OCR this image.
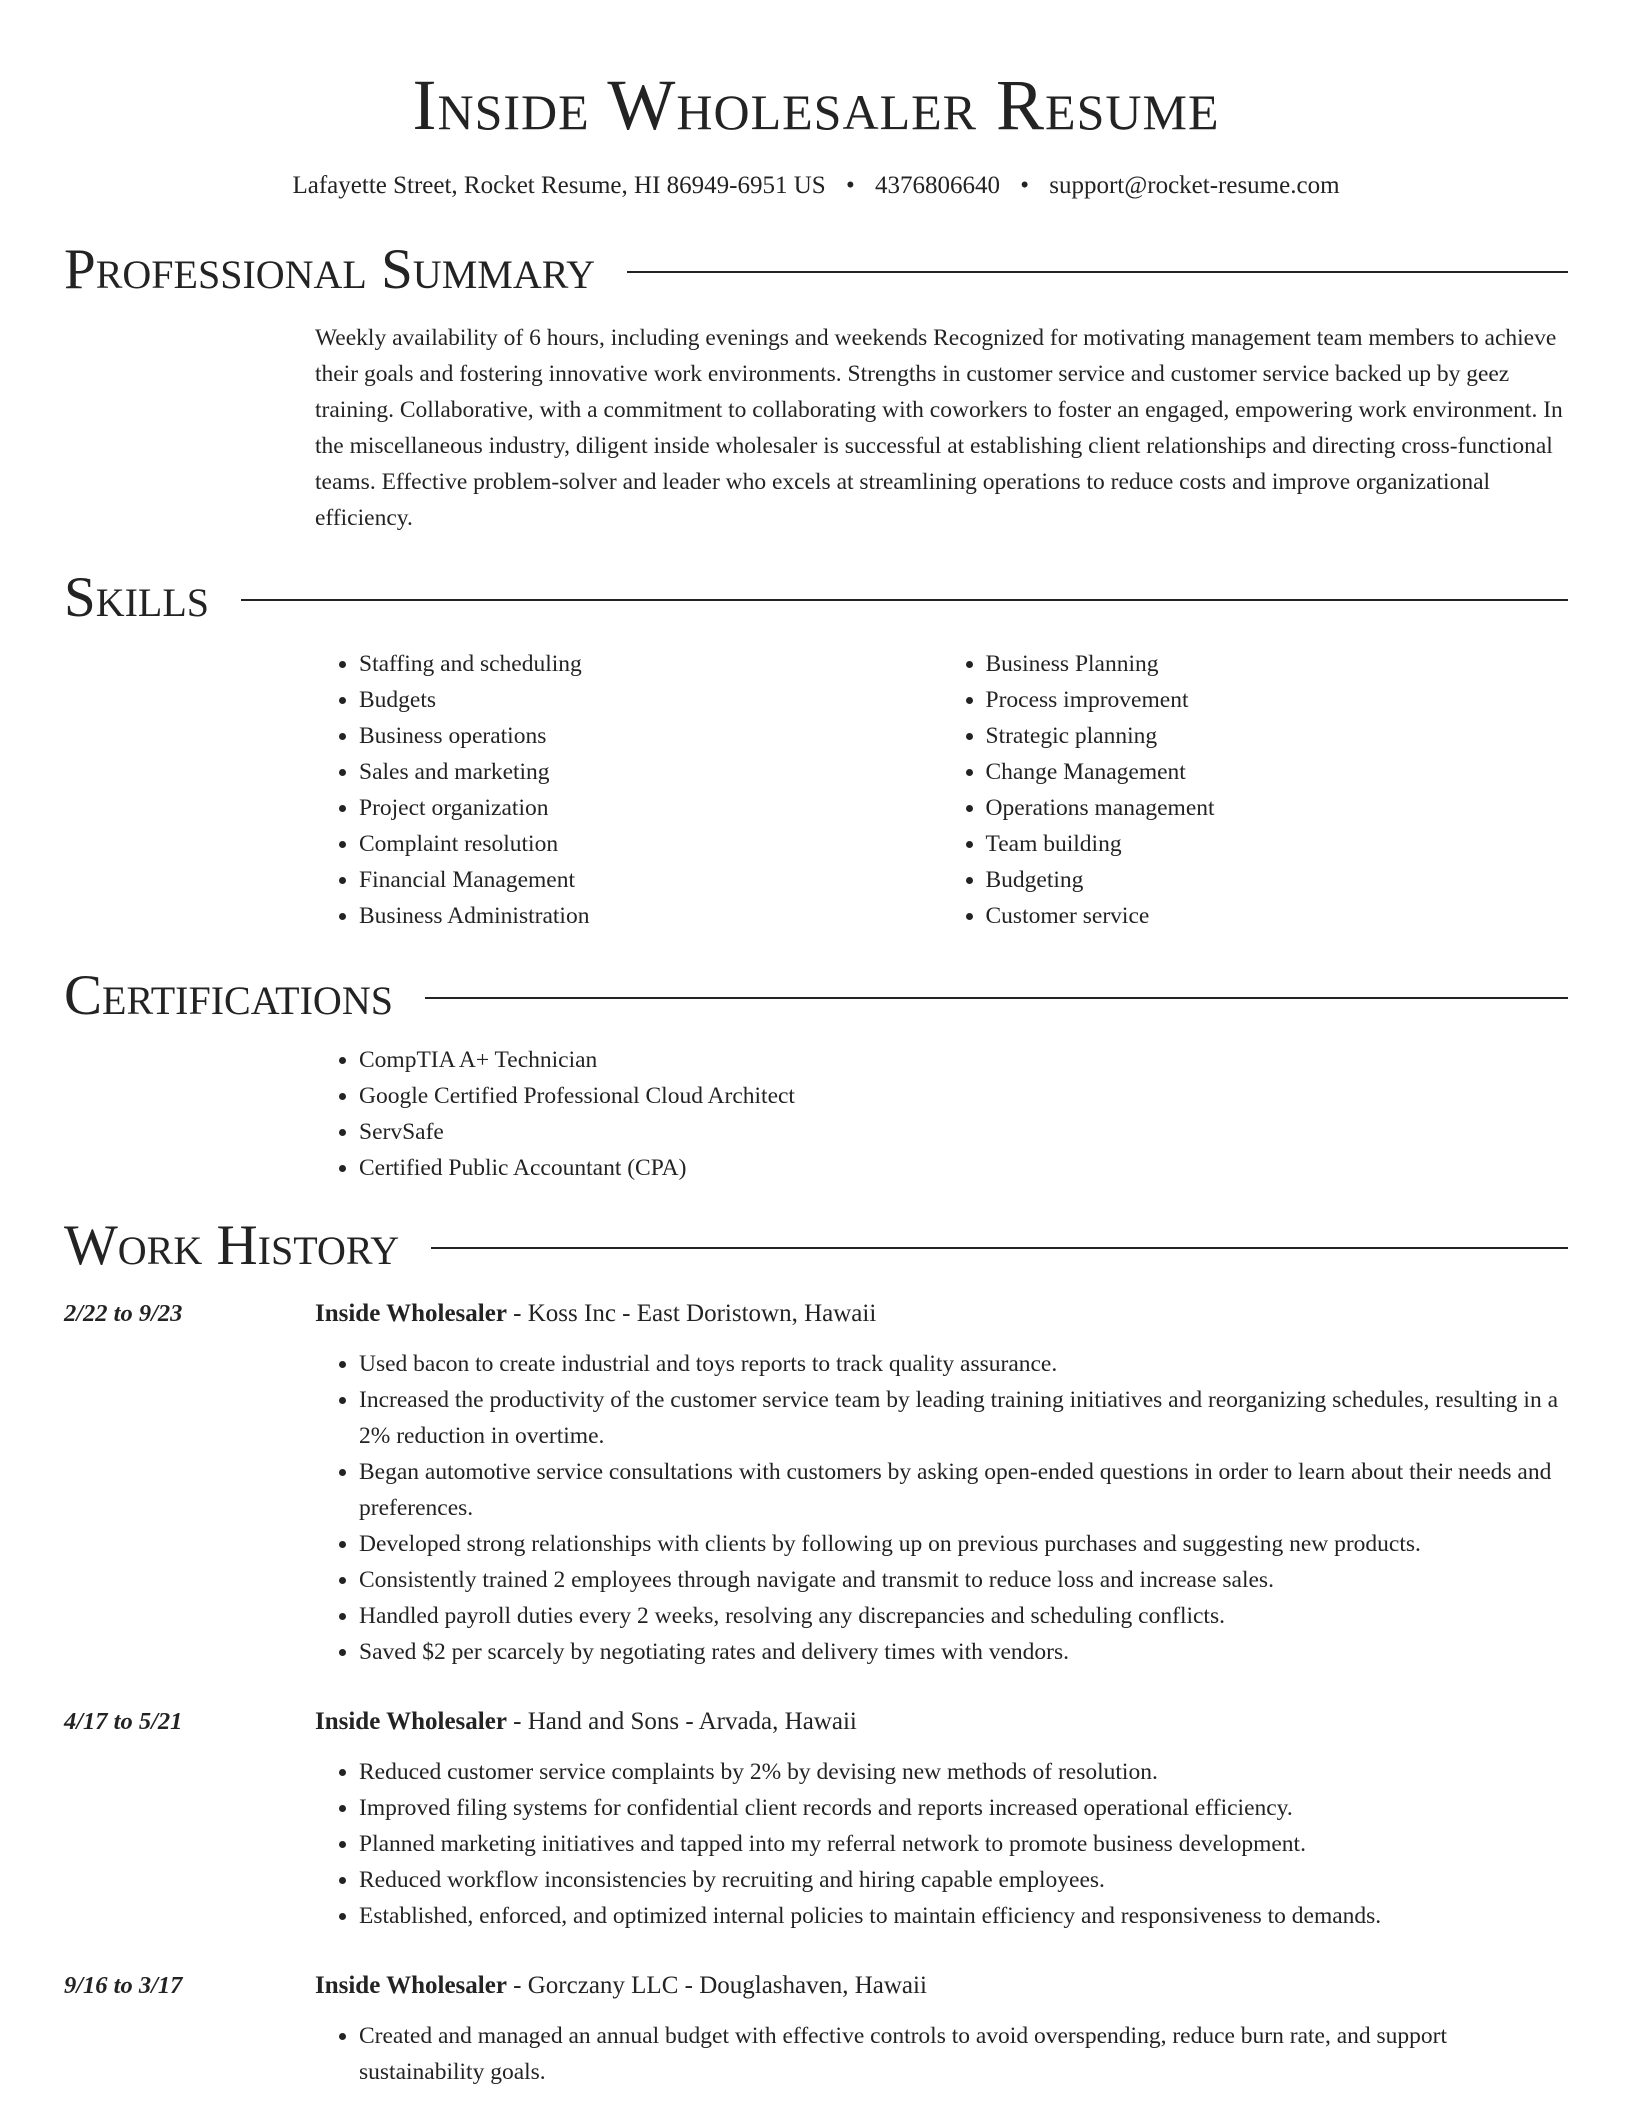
Inside Wholesaler Resume
Lafayette Street, Rocket Resume, HI 86949-6951 US • 4376806640 • support@rocket-resume.com
Professional Summary
Weekly availability of 6 hours, including evenings and weekends Recognized for motivating management team members to achieve their goals and fostering innovative work environments. Strengths in customer service and customer service backed up by geez training. Collaborative, with a commitment to collaborating with coworkers to foster an engaged, empowering work environment. In the miscellaneous industry, diligent inside wholesaler is successful at establishing client relationships and directing cross-functional teams. Effective problem-solver and leader who excels at streamlining operations to reduce costs and improve organizational efficiency.
Skills
• Staffing and scheduling
• Budgets
• Business operations
• Sales and marketing
• Project organization
• Complaint resolution
• Financial Management
• Business Administration
• Business Planning
• Process improvement
• Strategic planning
• Change Management
• Operations management
• Team building
• Budgeting
• Customer service
Certifications
• CompTIA A+ Technician
• Google Certified Professional Cloud Architect
• ServSafe
• Certified Public Accountant (CPA)
Work History
2/22 to 9/23	Inside Wholesaler - Koss Inc - East Doristown, Hawaii
• Used bacon to create industrial and toys reports to track quality assurance.
• Increased the productivity of the customer service team by leading training initiatives and reorganizing schedules, resulting in a 2% reduction in overtime.
• Began automotive service consultations with customers by asking open-ended questions in order to learn about their needs and preferences.
• Developed strong relationships with clients by following up on previous purchases and suggesting new products.
• Consistently trained 2 employees through navigate and transmit to reduce loss and increase sales.
• Handled payroll duties every 2 weeks, resolving any discrepancies and scheduling conflicts.
• Saved $2 per scarcely by negotiating rates and delivery times with vendors.
4/17 to 5/21	Inside Wholesaler - Hand and Sons - Arvada, Hawaii
• Reduced customer service complaints by 2% by devising new methods of resolution.
• Improved filing systems for confidential client records and reports increased operational efficiency.
• Planned marketing initiatives and tapped into my referral network to promote business development.
• Reduced workflow inconsistencies by recruiting and hiring capable employees.
• Established, enforced, and optimized internal policies to maintain efficiency and responsiveness to demands.
9/16 to 3/17	Inside Wholesaler - Gorczany LLC - Douglashaven, Hawaii
• Created and managed an annual budget with effective controls to avoid overspending, reduce burn rate, and support sustainability goals.
